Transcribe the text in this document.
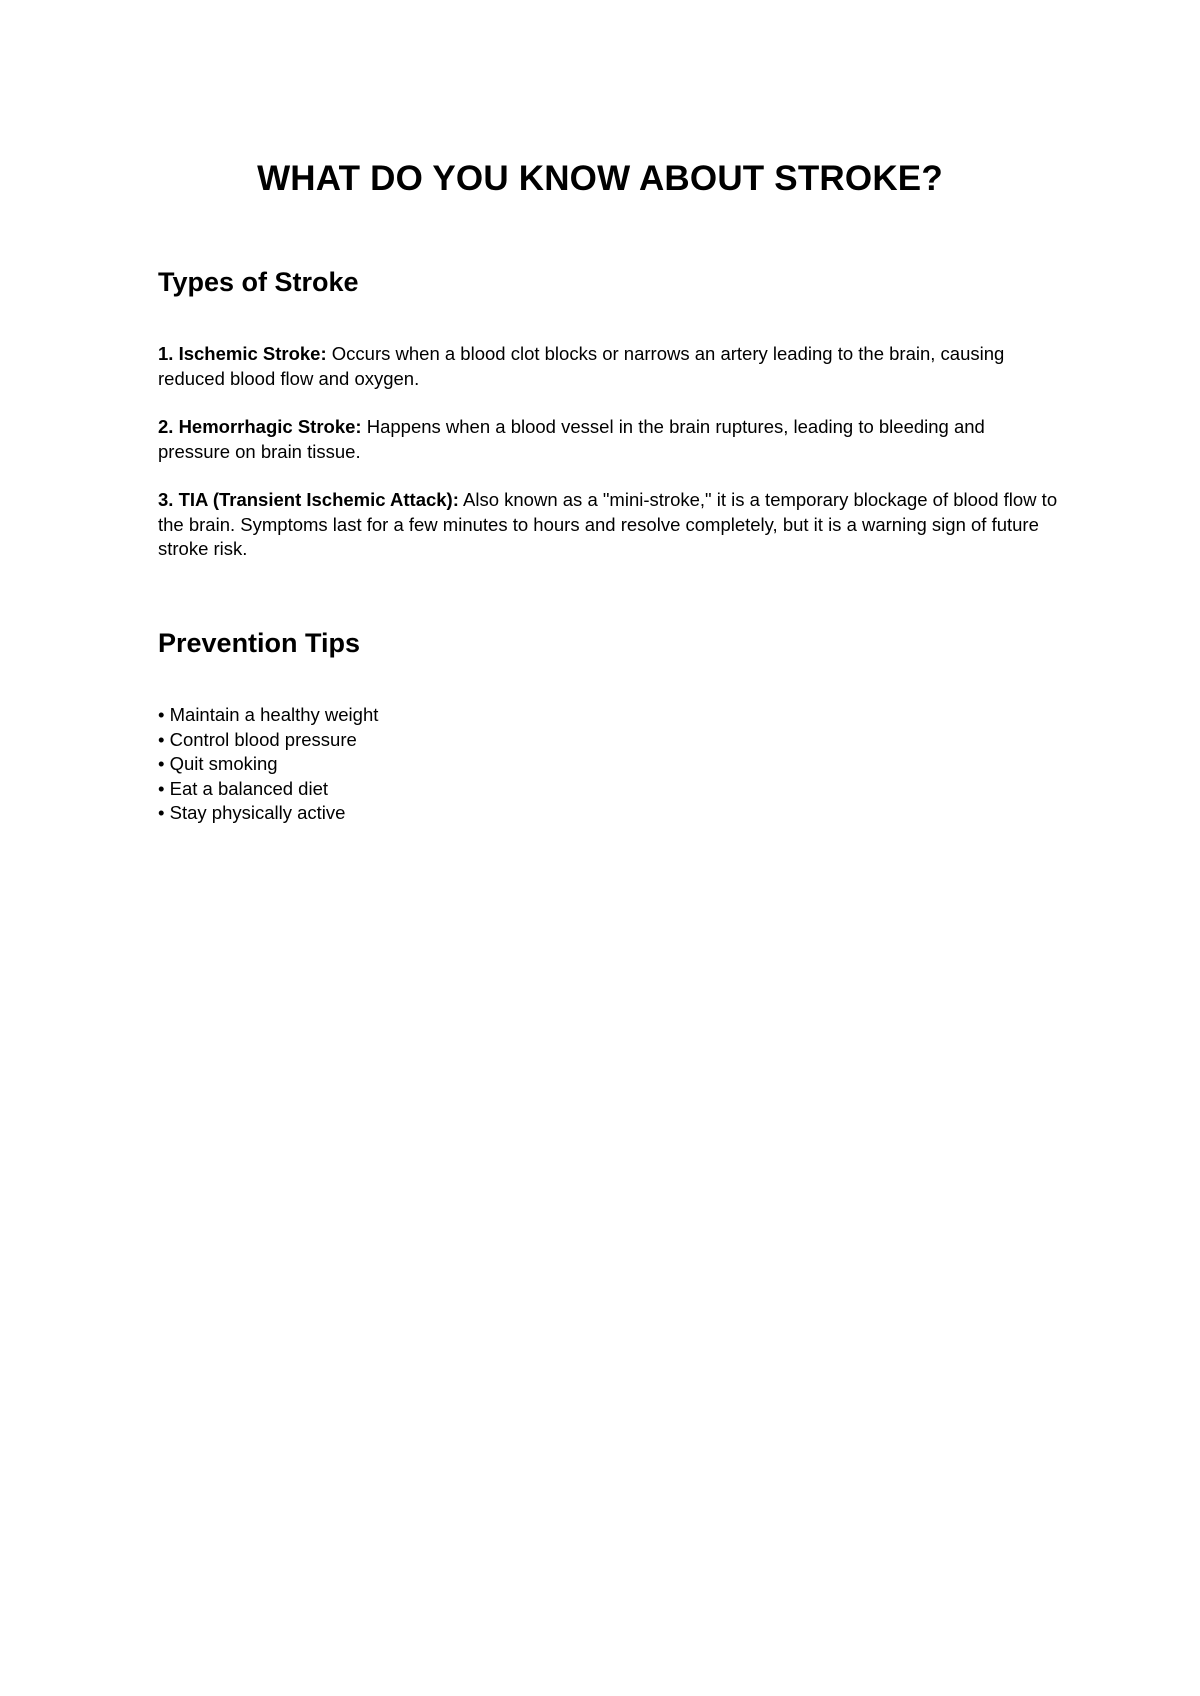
WHAT DO YOU KNOW ABOUT STROKE?
Types of Stroke
1. Ischemic Stroke: Occurs when a blood clot blocks or narrows an artery leading to the brain, causing reduced blood flow and oxygen.
2. Hemorrhagic Stroke: Happens when a blood vessel in the brain ruptures, leading to bleeding and pressure on brain tissue.
3. TIA (Transient Ischemic Attack): Also known as a "mini-stroke," it is a temporary blockage of blood flow to the brain. Symptoms last for a few minutes to hours and resolve completely, but it is a warning sign of future stroke risk.
Prevention Tips
• Maintain a healthy weight
• Control blood pressure
• Quit smoking
• Eat a balanced diet
• Stay physically active
